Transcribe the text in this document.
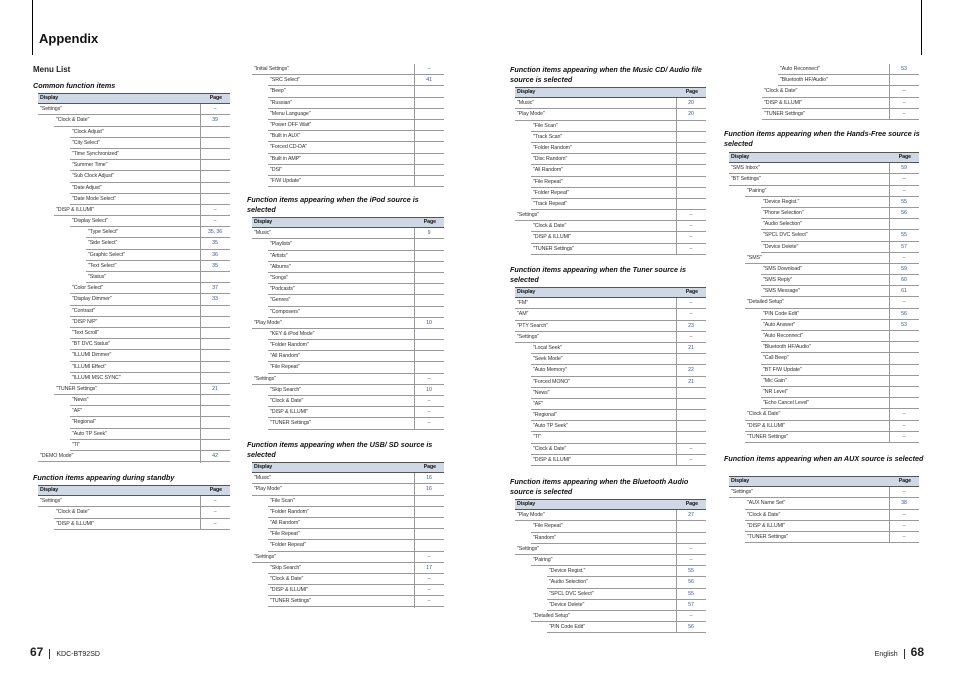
Appendix
Menu List
Common function items
Function items appearing during standby
Function items appearing when the iPod source is selected
Function items appearing when the USB/ SD source is selected
Function items appearing when the Music CD/ Audio file source is selected
Function items appearing when the Tuner source is selected
Function items appearing when the Bluetooth Audio source is selected
Function items appearing when the Hands-Free source is selected
Function items appearing when an AUX source is selected
Display	Page
"Settings"	–
"Clock & Date"	39
"Clock Adjust"
"City Select"
"Time Synchronized"
"Summer Time"
"Sub Clock Adjust"
"Date Adjust"
"Date Mode Select"
"DISP & ILLUMI"	–
"Display Select"	–
"Type Select"	35, 36
"Side Select"	35
"Graphic Select"	36
"Text Select"	35
"Status"
"Color Select"	37
"Display Dimmer"	33
"Contrast"
"DISP N/P"
"Text Scroll"
"BT DVC Status"
"ILLUMI Dimmer"
"ILLUMI Effect"
"ILLUMI MSC SYNC"
"TUNER Settings"	21
"News"
"AF"
"Regional"
"Auto TP Seek"
"TI"
"DEMO Mode"	42
Display	Page
"Settings"	–
"Clock & Date"	–
"DISP & ILLUMI"	–
"Initial Settings"	–
"SRC Select"	41
"Beep"
"Russian"
"Menu Language"
"Power OFF Wait"
"Built in AUX"
"Forced CD-DA"
"Built in AMP"
"DSI"
"F/W Update"
Display	Page
"Music"	9
"Playlists"
"Artists"
"Albums"
"Songs"
"Podcasts"
"Genres"
"Composers"
"Play Mode"	10
"KEY & iPod Mode"
"Folder Random"
"All Random"
"File Repeat"
"Settings"	–
"Skip Search"	10
"Clock & Date"	–
"DISP & ILLUMI"	–
"TUNER Settings"	–
Display	Page
"Music"	16
"Play Mode"	16
"File Scan"
"Folder Random"
"All Random"
"File Repeat"
"Folder Repeat"
"Settings"	–
"Skip Search"	17
"Clock & Date"	–
"DISP & ILLUMI"	–
"TUNER Settings"	–
Display	Page
"Music"	20
"Play Mode"	20
"File Scan"
"Track Scan"
"Folder Random"
"Disc Random"
"All Random"
"File Repeat"
"Folder Repeat"
"Track Repeat"
"Settings"	–
"Clock & Date"	–
"DISP & ILLUMI"	–
"TUNER Settings"	–
Display	Page
"FM"	–
"AM"	–
"PTY Search"	23
"Settings"	–
"Local Seek"	21
"Seek Mode"
"Auto Memory"	22
"Forced MONO"	21
"News"
"AF"
"Regional"
"Auto TP Seek"
"TI"
"Clock & Date"	–
"DISP & ILLUMI"	–
Display	Page
"Play Mode"	27
"File Repeat"
"Random"
"Settings"	–
"Pairing"	–
"Device Regist."	55
"Audio Selection"	56
"SPCL DVC Select"	55
"Device Delete"	57
"Detailed Setup"	–
"PIN Code Edit"	56
"Auto Reconnect"	53
"Bluetooth HF/Audio"
"Clock & Date"	–
"DISP & ILLUMI"	–
"TUNER Settings"	–
Display	Page
"SMS Inbox"	59
"BT Settings"	–
"Pairing"	–
"Device Regist."	55
"Phone Selection"	56
"Audio Selection"
"SPCL DVC Select"	55
"Device Delete"	57
"SMS"	–
"SMS Download"	59
"SMS Reply"	60
"SMS Message"	61
"Detailed Setup"	–
"PIN Code Edit"	56
"Auto Answer"	53
"Auto Reconnect"
"Bluetooth HF/Audio"
"Call Beep"
"BT F/W Update"
"Mic Gain"
"NR Level"
"Echo Cancel Level"
"Clock & Date"	–
"DISP & ILLUMI"	–
"TUNER Settings"	–
Display	Page
"Settings"	–
"AUX Name Set"	38
"Clock & Date"	–
"DISP & ILLUMI"	–
"TUNER Settings"	–
67 KDC-BT92SD	English 68
